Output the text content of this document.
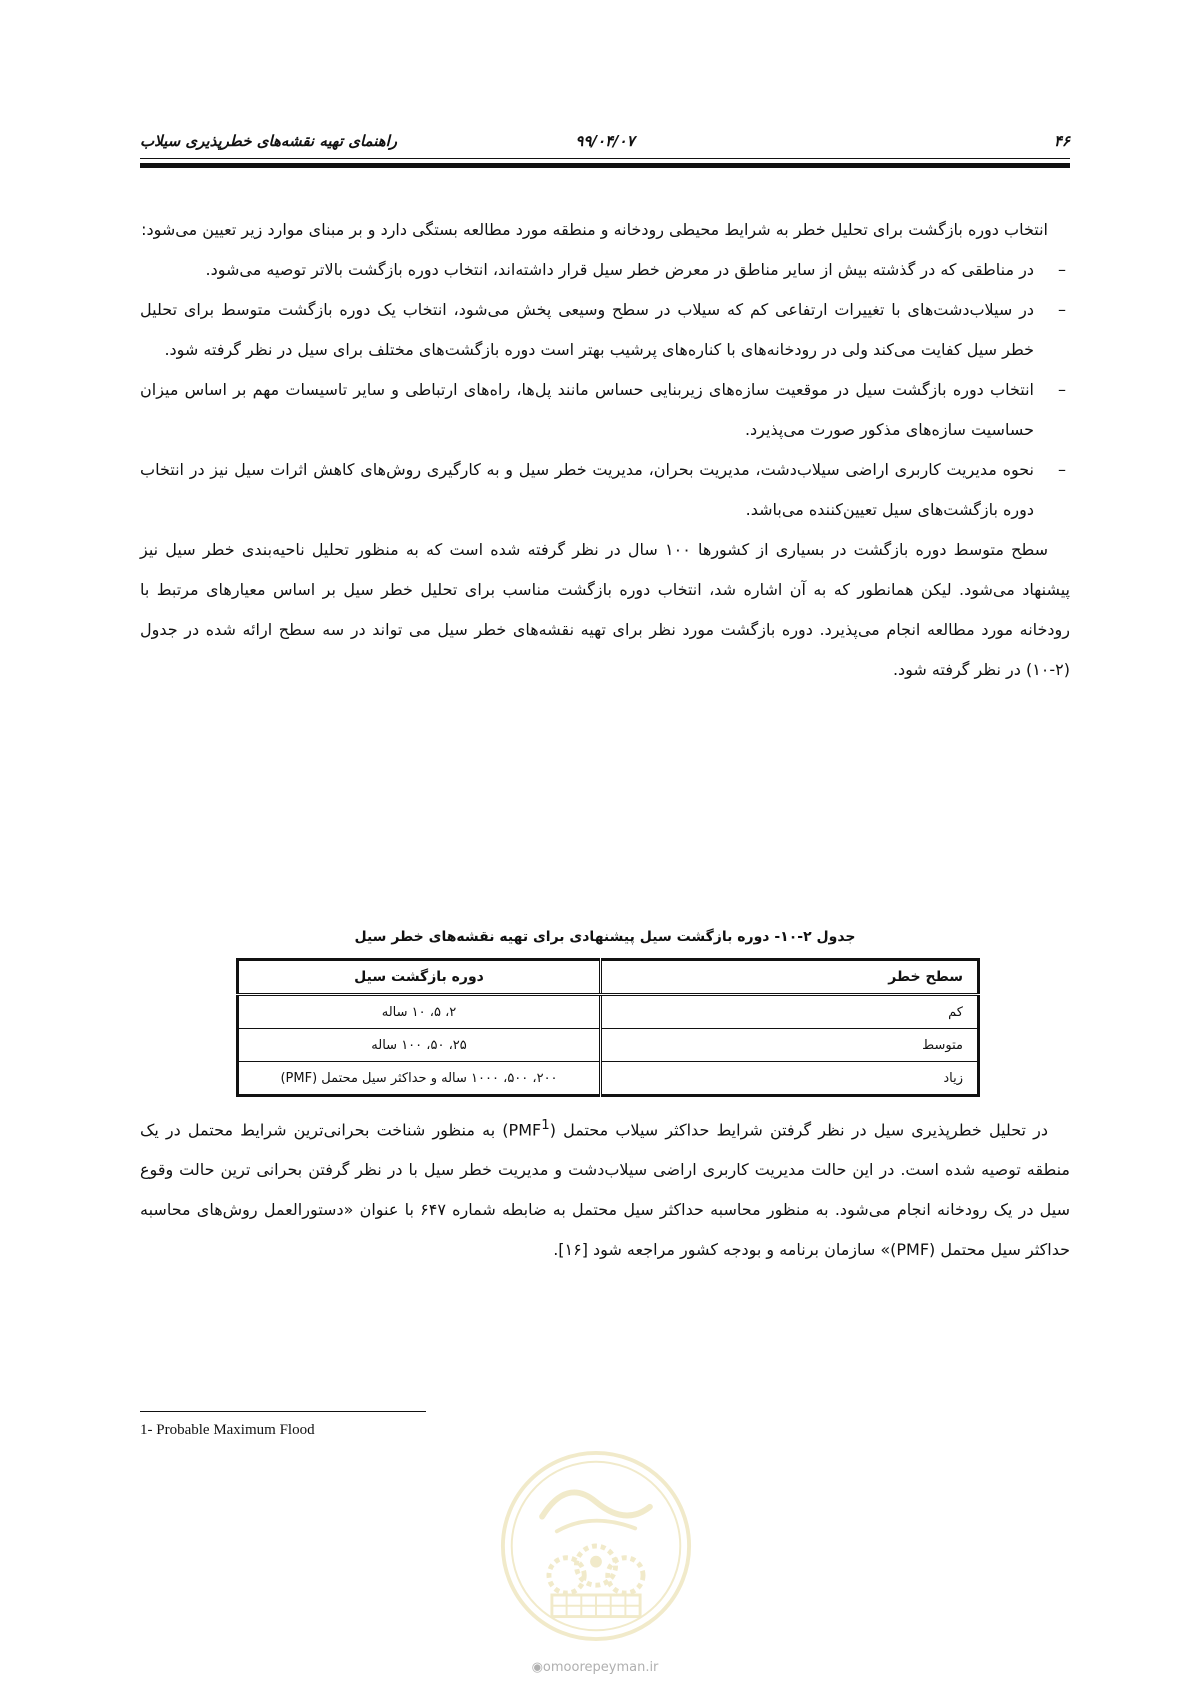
۴۶
۹۹/۰۴/۰۷
راهنمای تهیه نقشه‌های خطرپذیری سیلاب

انتخاب دوره بازگشت برای تحلیل خطر به شرایط محیطی رودخانه و منطقه مورد مطالعه بستگی دارد و بر مبنای موارد زیر تعیین می‌شود:

–
در مناطقی که در گذشته بیش از سایر مناطق در معرض خطر سیل قرار داشته‌اند، انتخاب دوره بازگشت بالاتر توصیه می‌شود.
–
در سیلاب‌دشت‌های با تغییرات ارتفاعی کم که سیلاب در سطح وسیعی پخش می‌شود، انتخاب یک دوره بازگشت متوسط برای تحلیل خطر سیل کفایت می‌کند ولی در رودخانه‌های با کناره‌های پرشیب بهتر است دوره بازگشت‌های مختلف برای سیل در نظر گرفته شود.
–
انتخاب دوره بازگشت سیل در موقعیت سازه‌های زیربنایی حساس مانند پل‌ها، راه‌های ارتباطی و سایر تاسیسات مهم بر اساس میزان حساسیت سازه‌های مذکور صورت می‌پذیرد.
–
نحوه مدیریت کاربری اراضی سیلاب‌دشت، مدیریت بحران، مدیریت خطر سیل و به کارگیری روش‌های کاهش اثرات سیل نیز در انتخاب دوره بازگشت‌های سیل تعیین‌کننده می‌باشد.

سطح متوسط دوره بازگشت در بسیاری از کشورها ۱۰۰ سال در نظر گرفته شده است که به منظور تحلیل ناحیه‌بندی خطر سیل نیز پیشنهاد می‌شود. لیکن همانطور که به آن اشاره شد، انتخاب دوره بازگشت مناسب برای تحلیل خطر سیل بر اساس معیارهای مرتبط با رودخانه مورد مطالعه انجام می‌پذیرد. دوره بازگشت مورد نظر برای تهیه نقشه‌های خطر سیل می تواند در سه سطح ارائه شده در جدول (۲-۱۰) در نظر گرفته شود.

جدول ۲-۱۰- دوره بازگشت سیل پیشنهادی برای تهیه نقشه‌های خطر سیل
سطح خطر	دوره بازگشت سیل
کم	۲، ۵، ۱۰ ساله
متوسط	۲۵، ۵۰، ۱۰۰ ساله
زیاد	۲۰۰، ۵۰۰، ۱۰۰۰ ساله و حداکثر سیل محتمل (PMF)

در تحلیل خطرپذیری سیل در نظر گرفتن شرایط حداکثر سیلاب محتمل (PMF$^1$) به منظور شناخت بحرانی‌ترین شرایط محتمل در یک منطقه توصیه شده است. در این حالت مدیریت کاربری اراضی سیلاب‌دشت و مدیریت خطر سیل با در نظر گرفتن بحرانی ترین حالت وقوع سیل در یک رودخانه انجام می‌شود. به منظور محاسبه حداکثر سیل محتمل به ضابطه شماره ۶۴۷ با عنوان «دستورالعمل روش‌های محاسبه حداکثر سیل محتمل (PMF)» سازمان برنامه و بودجه کشور مراجعه شود [۱۶].

1- Probable Maximum Flood
◉omoorepeyman.ir
